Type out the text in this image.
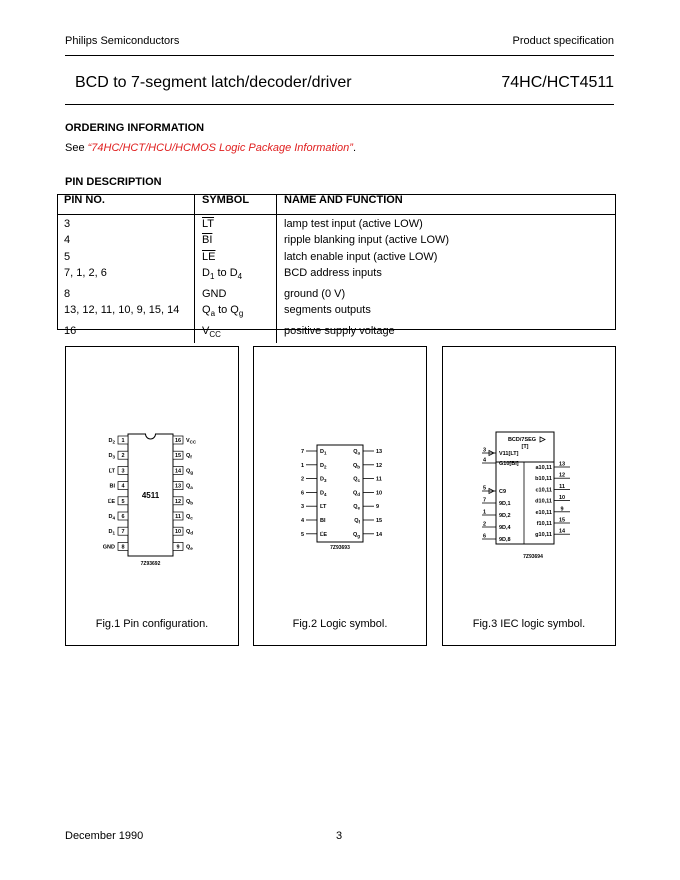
Philips Semiconductors	Product specification
BCD to 7-segment latch/decoder/driver	74HC/HCT4511
ORDERING INFORMATION
See “74HC/HCT/HCU/HCMOS Logic Package Information”.
PIN DESCRIPTION
PIN NO.	SYMBOL	NAME AND FUNCTION
3	$\overline{LT}$	lamp test input (active LOW)
4	$\overline{BI}$	ripple blanking input (active LOW)
5	$\overline{LE}$	latch enable input (active LOW)
7, 1, 2, 6	$D_1$ to $D_4$	BCD address inputs
8	GND	ground (0 V)
13, 12, 11, 10, 9, 15, 14	$Q_a$ to $Q_g$	segments outputs
16	$V_{CC}$	positive supply voltage
Fig.1 Pin configuration.	Fig.2 Logic symbol.	Fig.3 IEC logic symbol.
4511
1
$D_2$
2
$D_3$
3
LT
4
BI
5
LE
6
$D_4$
7
$D_1$
8
GND
16 $V_{CC}$
15 $Q_f$
14 $Q_g$
13 $Q_a$
12 $Q_b$
11 $Q_c$
10 $Q_d$
9 $Q_e$
7Z93692
7	$D_1$
1	$D_2$
2	$D_3$
6	$D_4$
3	LT
4	BI
5	LE
13
$Q_a$
12
$Q_b$
11
$Q_c$
10
$Q_d$
9
$Q_e$
15
$Q_f$
14
$Q_g$
7Z93693
BCD/7SEG
[T]
3
V11[LT]
4
G10[BI]
5
C9
7
9D,1
1
9D,2
2
9D,4
6
9D,8
13
a10,11
12
b10,11
11
c10,11
10
d10,11
9
e10,11
15
f10,11
14
g10,11
7Z93694
December 1990	3
